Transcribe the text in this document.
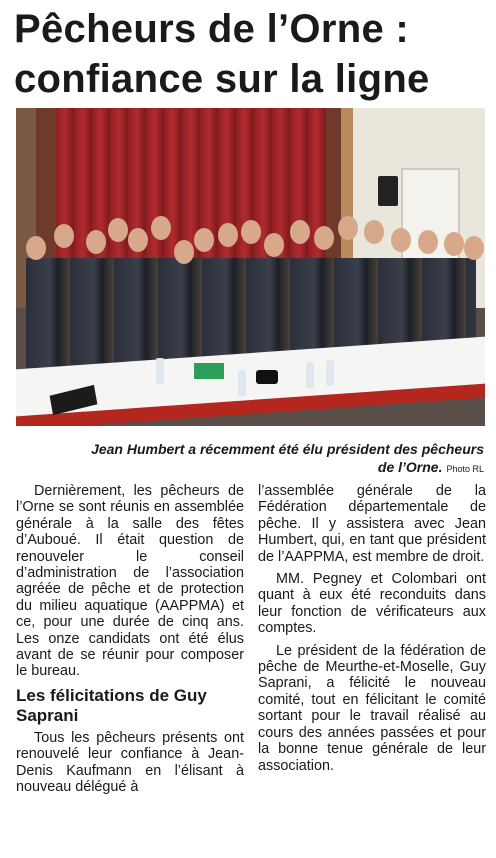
Pêcheurs de l’Orne :
confiance sur la ligne
Jean Humbert a récemment été élu président des pêcheurs de l’Orne. Photo RL

Dernièrement, les pêcheurs de l’Orne se sont réunis en assemblée générale à la salle des fêtes d’Auboué. Il était question de renouveler le conseil d’administration de l’association agréée de pêche et de protection du milieu aquatique (AAPPMA) et ce, pour une durée de cinq ans. Les onze candidats ont été élus avant de se réunir pour composer le bureau.

Les félicitations de Guy Saprani

Tous les pêcheurs présents ont renouvelé leur confiance à Jean-Denis Kaufmann en l’élisant à nouveau délégué à

l’assemblée générale de la Fédération départementale de pêche. Il y assistera avec Jean Humbert, qui, en tant que président de l’AAPPMA, est membre de droit.

MM. Pegney et Colombari ont quant à eux été reconduits dans leur fonction de vérificateurs aux comptes.

Le président de la fédération de pêche de Meurthe-et-Moselle, Guy Saprani, a félicité le nouveau comité, tout en félicitant le comité sortant pour le travail réalisé au cours des années passées et pour la bonne tenue générale de leur association.
